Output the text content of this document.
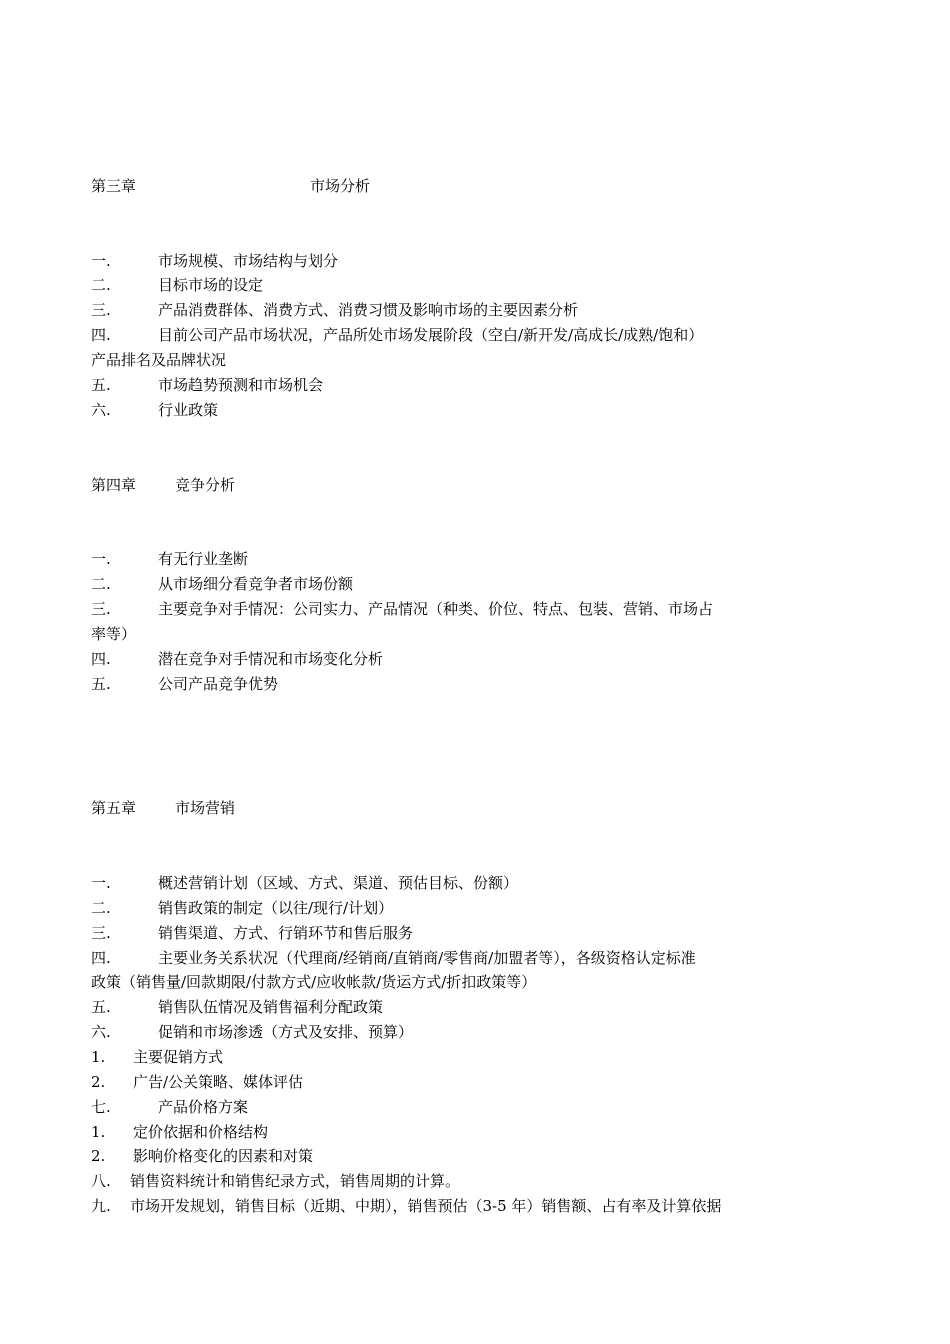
第三章	市场分析
一.	市场规模、市场结构与划分
二.	目标市场的设定
三.	产品消费群体、消费方式、消费习惯及影响市场的主要因素分析
四.	目前公司产品市场状况，产品所处市场发展阶段（空白/新开发/高成长/成熟/饱和）
产品排名及品牌状况
五.	市场趋势预测和市场机会
六.	行业政策
第四章	竞争分析
一.	有无行业垄断
二.	从市场细分看竞争者市场份额
三.	主要竞争对手情况：公司实力、产品情况（种类、价位、特点、包装、营销、市场占
率等）
四.	潜在竞争对手情况和市场变化分析
五.	公司产品竞争优势
第五章	市场营销
一.	概述营销计划（区域、方式、渠道、预估目标、份额）
二.	销售政策的制定（以往/现行/计划）
三.	销售渠道、方式、行销环节和售后服务
四.	主要业务关系状况（代理商/经销商/直销商/零售商/加盟者等），各级资格认定标准
政策（销售量/回款期限/付款方式/应收帐款/货运方式/折扣政策等）
五.	销售队伍情况及销售福利分配政策
六.	促销和市场渗透（方式及安排、预算）
1. 主要促销方式
2. 广告/公关策略、媒体评估
七.	产品价格方案
1. 定价依据和价格结构
2. 影响价格变化的因素和对策
八. 销售资料统计和销售纪录方式，销售周期的计算。
九. 市场开发规划，销售目标（近期、中期），销售预估（3-5 年）销售额、占有率及计算依据
